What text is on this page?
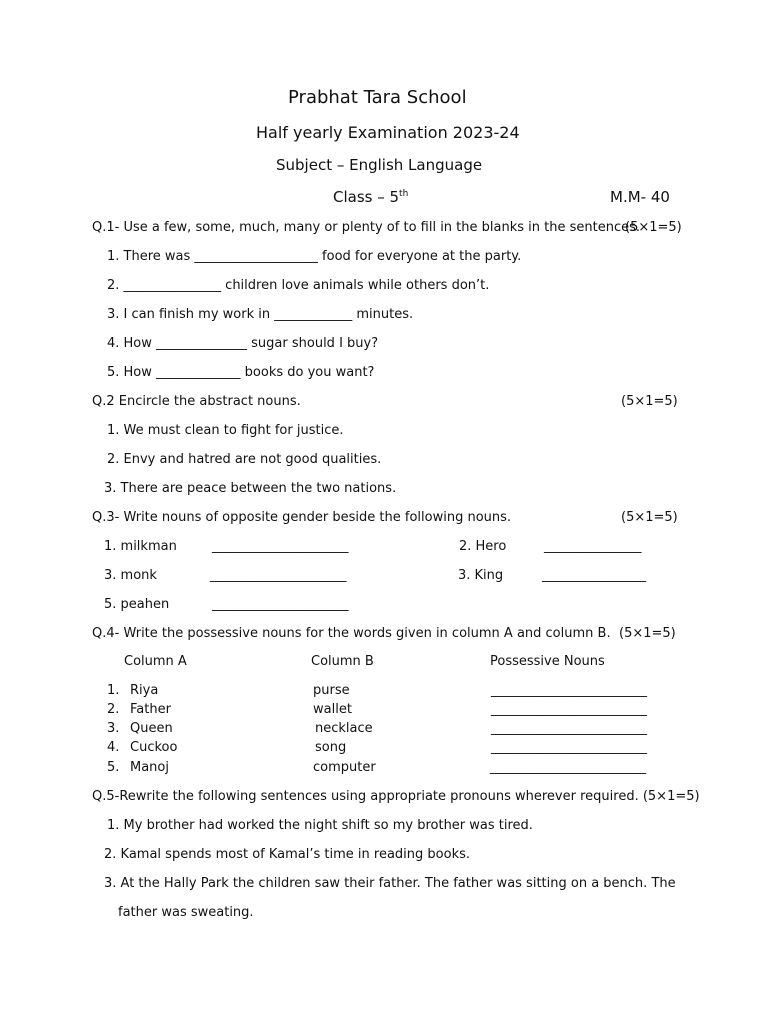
Prabhat Tara School
Half yearly Examination 2023-24
Subject – English Language
Class – 5th	M.M- 40
Q.1- Use a few, some, much, many or plenty of to fill in the blanks in the sentences.
(5×1=5)
1. There was ___________________ food for everyone at the party.
2. _______________ children love animals while others don’t.
3. I can finish my work in ____________ minutes.
4. How ______________ sugar should I buy?
5. How _____________ books do you want?
Q.2 Encircle the abstract nouns.	(5×1=5)
1. We must clean to fight for justice.
2. Envy and hatred are not good qualities.
3. There are peace between the two nations.
Q.3- Write nouns of opposite gender beside the following nouns.	(5×1=5)
1. milkman	_____________________	2. Hero	_______________
3. monk	_____________________	3. King	________________
5. peahen	_____________________
Q.4- Write the possessive nouns for the words given in column A and column B. (5×1=5)
Column A	Column B	Possessive Nouns
1. Riya	purse	________________________
2. Father	wallet	________________________
3. Queen	necklace	________________________
4. Cuckoo	song	________________________
5. Manoj	computer	________________________
Q.5-Rewrite the following sentences using appropriate pronouns wherever required. (5×1=5)
1. My brother had worked the night shift so my brother was tired.
2. Kamal spends most of Kamal’s time in reading books.
3. At the Hally Park the children saw their father. The father was sitting on a bench. The
father was sweating.
